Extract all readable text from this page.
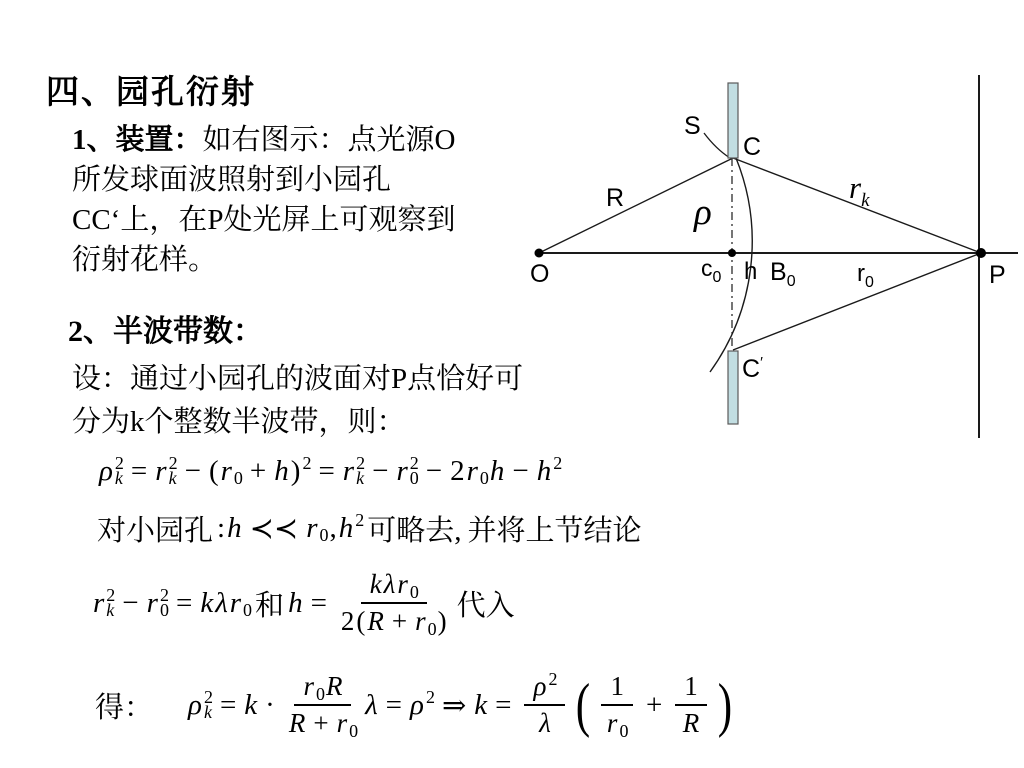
四、园孔衍射
1、装置：如右图示：点光源O
所发球面波照射到小园孔
CC‘上，在P处光屏上可观察到
衍射花样。
2、半波带数：
设：通过小园孔的波面对P点恰好可
分为k个整数半波带，则：
ρ 2
k = r 2
k − ( r 0 + h ) 2 = r 2
k − r 2
0 − 2 r 0 h − h 2
对小园孔 : h ≺≺ r 0 , h 2 可略去, 并将上节结论
r 2
k − r 2
0 = k λ r 0 和 $h = \frac{\text{k λ r 0}}{2 ( R + r 0 )}$ 代入
得： ρ 2
$k = k \cdot \frac{r 0 R}{R + r 0}$ λ = ρ 2 ⇒ $k = \frac{\rho 2}{\lambda}$ ( $\frac{1}{r 0} + \frac{1}{R}$ )
S
C
R	$r_k$
ρ
O	$c_0$ h $B_0$	$r_0$	P
C′
